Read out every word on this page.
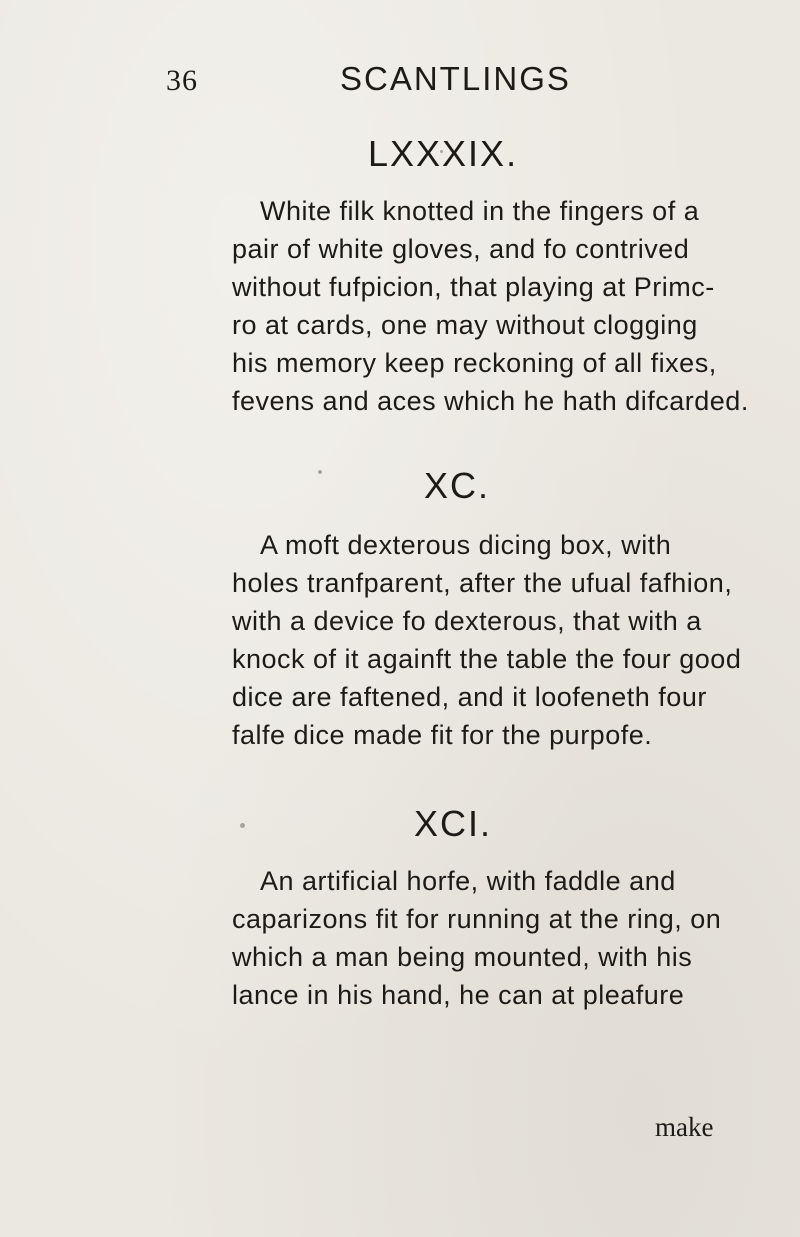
36	SCANTLINGS
LXXXIX.

White filk knotted in the fingers of a
pair of white gloves, and fo contrived
without fufpicion, that playing at Primc-
ro at cards, one may without clogging
his memory keep reckoning of all fixes,
fevens and aces which he hath difcarded.

XC.

A moft dexterous dicing box, with
holes tranfparent, after the ufual fafhion,
with a device fo dexterous, that with a
knock of it againft the table the four good
dice are faftened, and it loofeneth four
falfe dice made fit for the purpofe.

XCI.

An artificial horfe, with faddle and
caparizons fit for running at the ring, on
which a man being mounted, with his
lance in his hand, he can at pleafure

make
